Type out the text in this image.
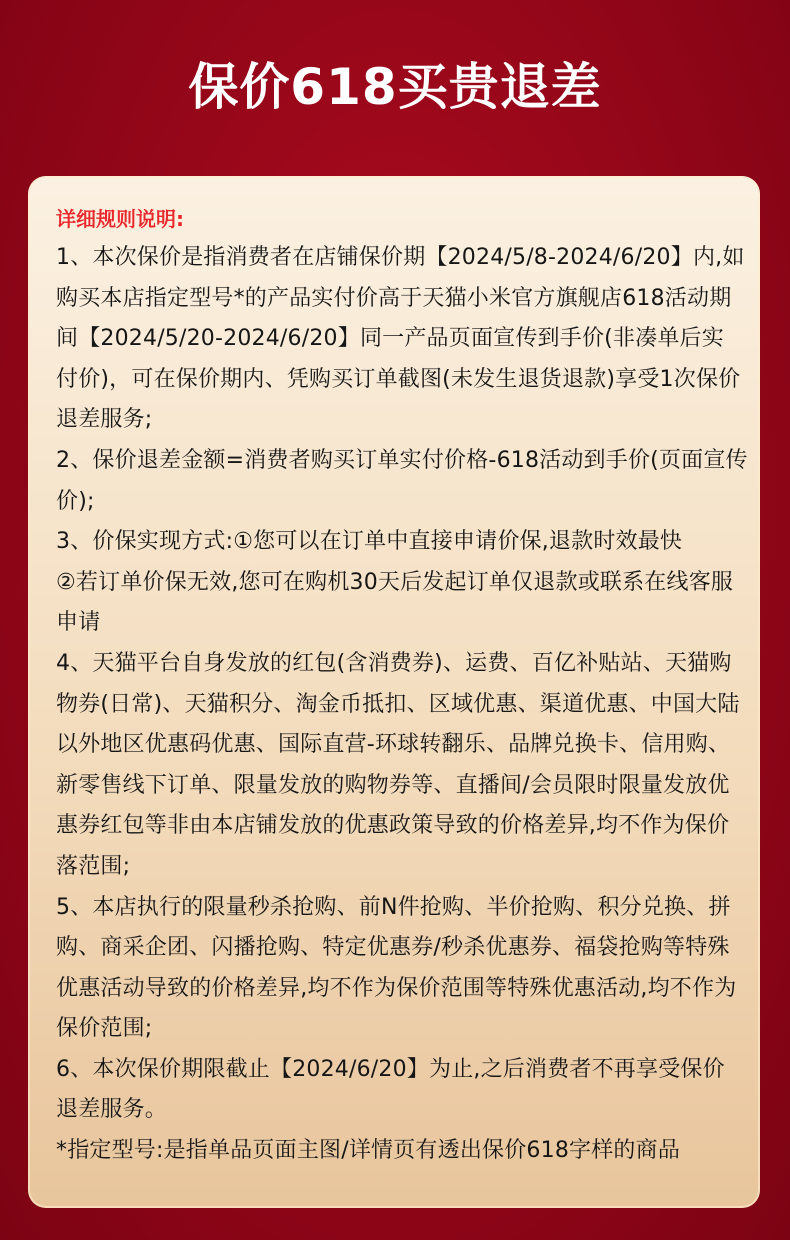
保价618买贵退差
详细规则说明:
1、本次保价是指消费者在店铺保价期【2024/5/8-2024/6/20】内,如
购买本店指定型号*的产品实付价高于天猫小米官方旗舰店618活动期
间【2024/5/20-2024/6/20】同一产品页面宣传到手价(非凑单后实
付价)，可在保价期内、凭购买订单截图(未发生退货退款)享受1次保价
退差服务;
2、保价退差金额=消费者购买订单实付价格-618活动到手价(页面宣传
价);
3、价保实现方式:①您可以在订单中直接申请价保,退款时效最快
②若订单价保无效,您可在购机30天后发起订单仅退款或联系在线客服
申请
4、天猫平台自身发放的红包(含消费券)、运费、百亿补贴站、天猫购
物券(日常)、天猫积分、淘金币抵扣、区域优惠、渠道优惠、中国大陆
以外地区优惠码优惠、国际直营-环球转翻乐、品牌兑换卡、信用购、
新零售线下订单、限量发放的购物券等、直播间/会员限时限量发放优
惠券红包等非由本店铺发放的优惠政策导致的价格差异,均不作为保价
落范围;
5、本店执行的限量秒杀抢购、前N件抢购、半价抢购、积分兑换、拼
购、商采企团、闪播抢购、特定优惠券/秒杀优惠券、福袋抢购等特殊
优惠活动导致的价格差异,均不作为保价范围等特殊优惠活动,均不作为
保价范围;
6、本次保价期限截止【2024/6/20】为止,之后消费者不再享受保价
退差服务。
*指定型号:是指单品页面主图/详情页有透出保价618字样的商品
